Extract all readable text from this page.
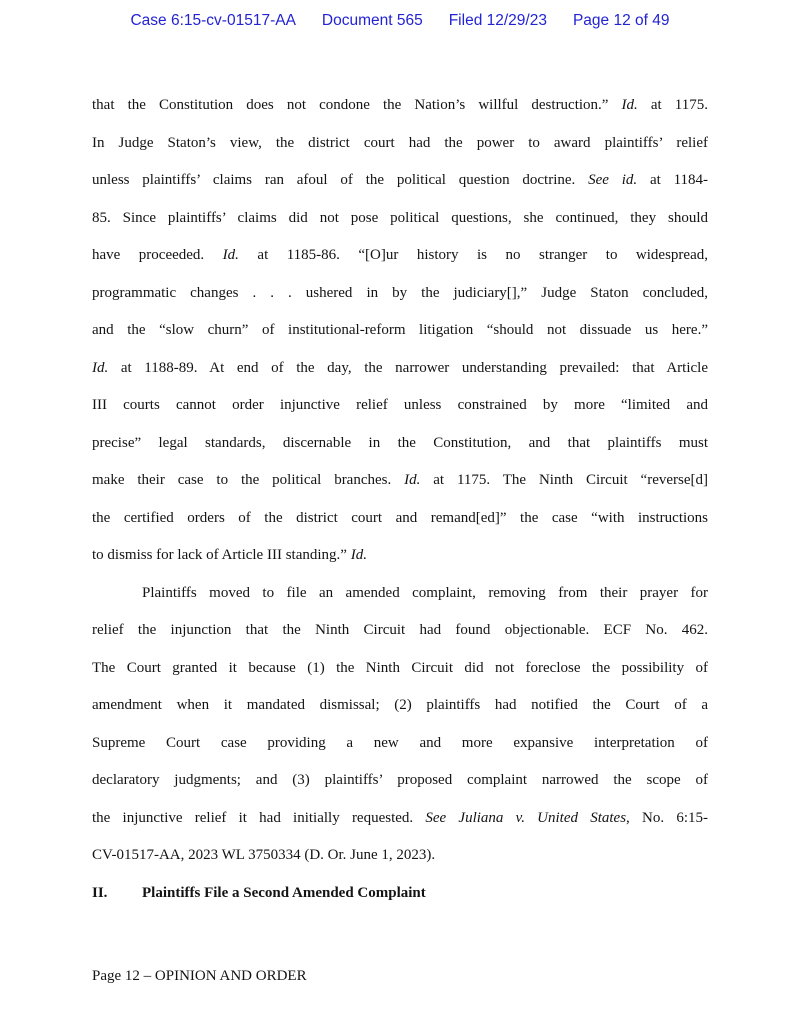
Case 6:15-cv-01517-AA Document 565 Filed 12/29/23 Page 12 of 49
that the Constitution does not condone the Nation’s willful destruction.” Id. at 1175.
In Judge Staton’s view, the district court had the power to award plaintiffs’ relief
unless plaintiffs’ claims ran afoul of the political question doctrine. See id. at 1184-
85. Since plaintiffs’ claims did not pose political questions, she continued, they should
have proceeded. Id. at 1185-86. “[O]ur history is no stranger to widespread,
programmatic changes . . . ushered in by the judiciary[],” Judge Staton concluded,
and the “slow churn” of institutional-reform litigation “should not dissuade us here.”
Id. at 1188-89. At end of the day, the narrower understanding prevailed: that Article
III courts cannot order injunctive relief unless constrained by more “limited and
precise” legal standards, discernable in the Constitution, and that plaintiffs must
make their case to the political branches. Id. at 1175. The Ninth Circuit “reverse[d]
the certified orders of the district court and remand[ed]” the case “with instructions
to dismiss for lack of Article III standing.” Id.
Plaintiffs moved to file an amended complaint, removing from their prayer for
relief the injunction that the Ninth Circuit had found objectionable. ECF No. 462.
The Court granted it because (1) the Ninth Circuit did not foreclose the possibility of
amendment when it mandated dismissal; (2) plaintiffs had notified the Court of a
Supreme Court case providing a new and more expansive interpretation of
declaratory judgments; and (3) plaintiffs’ proposed complaint narrowed the scope of
the injunctive relief it had initially requested. See Juliana v. United States, No. 6:15-
CV-01517-AA, 2023 WL 3750334 (D. Or. June 1, 2023).
II. Plaintiffs File a Second Amended Complaint
Page 12 – OPINION AND ORDER
